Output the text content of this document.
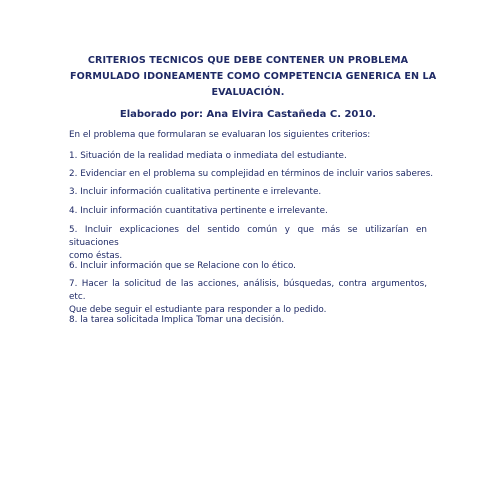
CRITERIOS TECNICOS QUE DEBE CONTENER UN PROBLEMA
FORMULADO IDONEAMENTE COMO COMPETENCIA GENERICA EN LA
EVALUACIÓN.
Elaborado por: Ana Elvira Castañeda C. 2010.

En el problema que formularan se evaluaran los siguientes criterios:

1. Situación de la realidad mediata o inmediata del estudiante.

2. Evidenciar en el problema su complejidad en términos de incluir varios saberes.

3. Incluir información cualitativa pertinente e irrelevante.

4. Incluir información cuantitativa pertinente e irrelevante.

5. Incluir explicaciones del sentido común y que más se utilizarían en situaciones
como éstas.

6. Incluir información que se Relacione con lo ético.

7. Hacer la solicitud de las acciones, análisis, búsquedas, contra argumentos, etc.
Que debe seguir el estudiante para responder a lo pedido.

8. la tarea solicitada Implica Tomar una decisión.
